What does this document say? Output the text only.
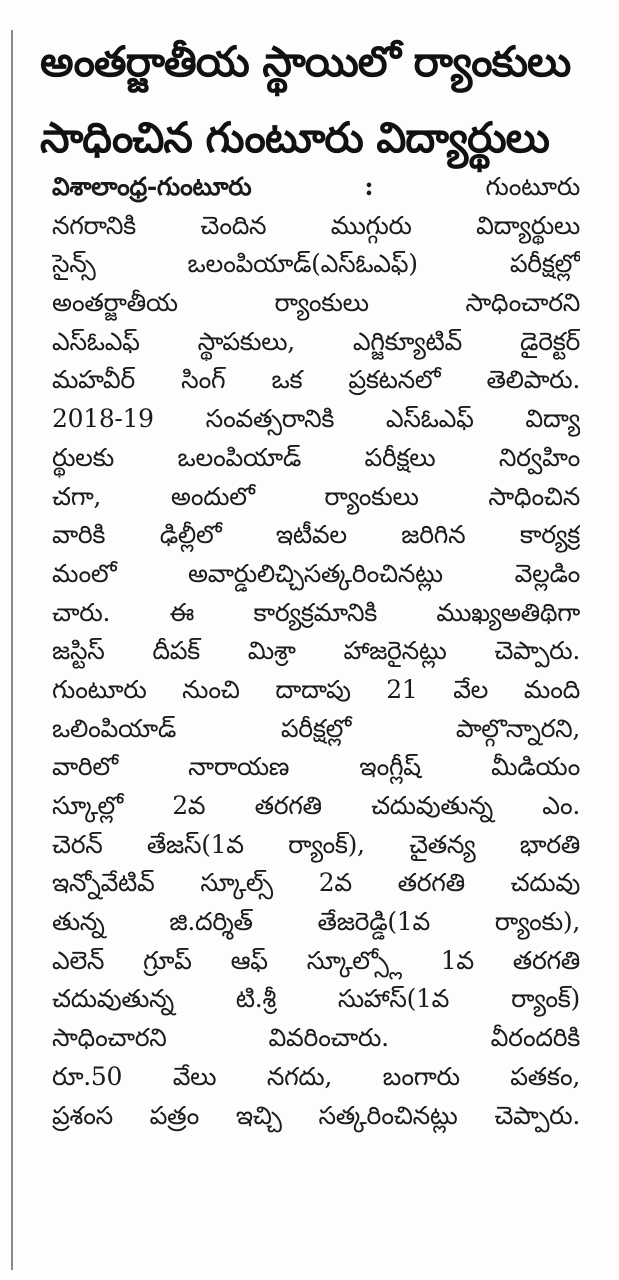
అంతర్జాతీయ స్థాయిలో ర్యాంకులు
సాధించిన గుంటూరు విద్యార్థులు
విశాలాంధ్ర-గుంటూరు :	గుంటూరు
నగరానికి చెందిన ముగ్గురు విద్యార్థులు
సైన్స్ ఒలంపియాడ్(ఎస్ఓఎఫ్) పరీక్షల్లో
అంతర్జాతీయ ర్యాంకులు సాధించారని
ఎస్ఓఎఫ్ స్థాపకులు, ఎగ్జిక్యూటివ్ డైరెక్టర్
మహవీర్ సింగ్ ఒక ప్రకటనలో తెలిపారు.
2018-19 సంవత్సరానికి ఎస్ఓఎఫ్ విద్యా
ర్థులకు ఒలంపియాడ్ పరీక్షలు నిర్వహిం
చగా, అందులో ర్యాంకులు సాధించిన
వారికి ఢిల్లీలో ఇటీవల జరిగిన కార్యక్ర
మంలో అవార్డులిచ్చిసత్కరించినట్లు వెల్లడిం
చారు. ఈ కార్యక్రమానికి ముఖ్యఅతిథిగా
జస్టిస్ దీపక్ మిశ్రా హాజరైనట్లు చెప్పారు.
గుంటూరు నుంచి దాదాపు 21 వేల మంది
ఒలింపియాడ్ పరీక్షల్లో పాల్గొన్నారని,
వారిలో నారాయణ ఇంగ్లీష్ మీడియం
స్కూల్లో 2వ తరగతి చదువుతున్న ఎం.
చెరన్ తేజస్(1వ ర్యాంక్), చైతన్య భారతి
ఇన్నోవేటివ్ స్కూల్స్ 2వ తరగతి చదువు
తున్న జి.దర్శిత్ తేజరెడ్డి(1వ ర్యాంకు),
ఎలెన్ గ్రూప్ ఆఫ్ స్కూల్స్లో 1వ తరగతి
చదువుతున్న టి.శ్రీ సుహాస్(1వ ర్యాంక్)
సాధించారని వివరించారు. వీరందరికి
రూ.50 వేలు నగదు, బంగారు పతకం,
ప్రశంస పత్రం ఇచ్చి సత్కరించినట్లు చెప్పారు.
